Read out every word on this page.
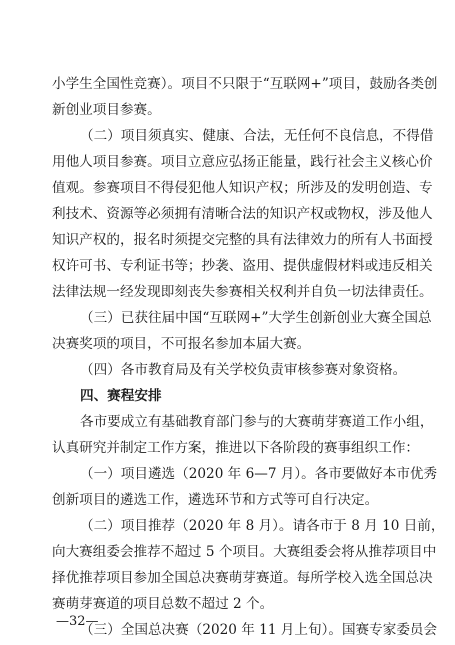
小学生全国性竞赛）。项目不只限于“互联网+”项目，鼓励各类创
新创业项目参赛。
（二）项目须真实、健康、合法，无任何不良信息，不得借
用他人项目参赛。项目立意应弘扬正能量，践行社会主义核心价
值观。参赛项目不得侵犯他人知识产权；所涉及的发明创造、专
利技术、资源等必须拥有清晰合法的知识产权或物权，涉及他人
知识产权的，报名时须提交完整的具有法律效力的所有人书面授
权许可书、专利证书等；抄袭、盗用、提供虚假材料或违反相关
法律法规一经发现即刻丧失参赛相关权利并自负一切法律责任。
（三）已获往届中国“互联网+”大学生创新创业大赛全国总
决赛奖项的项目，不可报名参加本届大赛。
（四）各市教育局及有关学校负责审核参赛对象资格。
四、赛程安排
各市要成立有基础教育部门参与的大赛萌芽赛道工作小组，
认真研究并制定工作方案，推进以下各阶段的赛事组织工作：
（一）项目遴选（2020 年 6—7 月）。各市要做好本市优秀
创新项目的遴选工作，遴选环节和方式等可自行决定。
（二）项目推荐（2020 年 8 月）。请各市于 8 月 10 日前，
向大赛组委会推荐不超过 5 个项目。大赛组委会将从推荐项目中
择优推荐项目参加全国总决赛萌芽赛道。每所学校入选全国总决
赛萌芽赛道的项目总数不超过 2 个。
（三）全国总决赛（2020 年 11 月上旬）。国赛专家委员会
—32—
